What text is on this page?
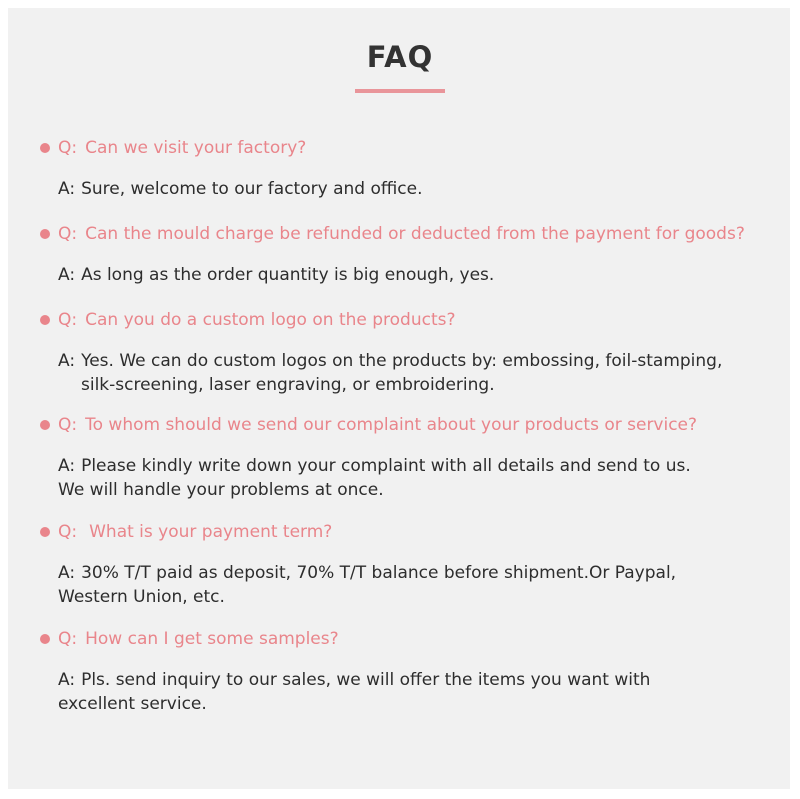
FAQ
Q: Can we visit your factory?
A: Sure, welcome to our factory and office.
Q: Can the mould charge be refunded or deducted from the payment for goods?
A: As long as the order quantity is big enough, yes.
Q: Can you do a custom logo on the products?
A: Yes. We can do custom logos on the products by: embossing, foil-stamping,
silk-screening, laser engraving, or embroidering.
Q: To whom should we send our complaint about your products or service?
A: Please kindly write down your complaint with all details and send to us.
We will handle your problems at once.
Q: What is your payment term?
A: 30% T/T paid as deposit, 70% T/T balance before shipment.Or Paypal,
Western Union, etc.
Q: How can I get some samples?
A: Pls. send inquiry to our sales, we will offer the items you want with
excellent service.
